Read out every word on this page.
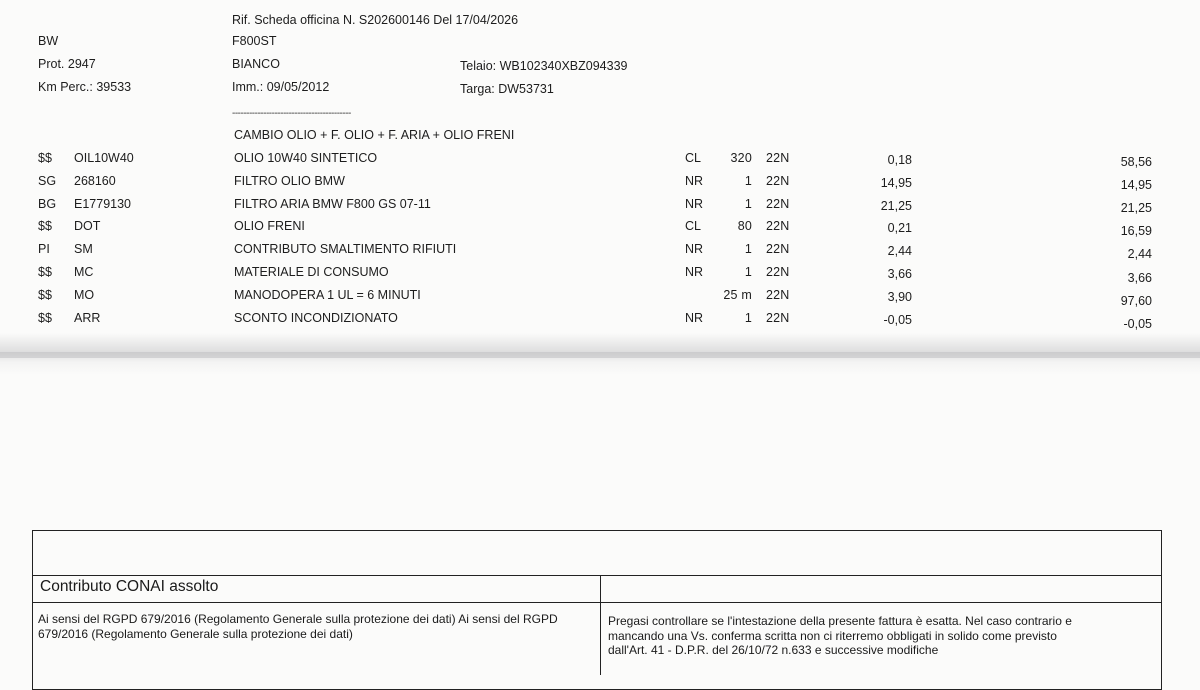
Rif. Scheda officina N. S202600146 Del 17/04/2026
BW	F800ST
Prot. 2947	BIANCO	Telaio: WB102340XBZ094339
Km Perc.: 39533	Imm.: 09/05/2012	Targa: DW53731
------------------------------------------
CAMBIO OLIO + F. OLIO + F. ARIA + OLIO FRENI
$$ OIL10W40	OLIO 10W40 SINTETICO	CL 320 22N	0,18	58,56
SG 268160	FILTRO OLIO BMW	NR	1 22N	14,95	14,95
BG E1779130	FILTRO ARIA BMW F800 GS 07-11	NR	1 22N	21,25	21,25
$$ DOT	OLIO FRENI	CL	80 22N	0,21	16,59
PI SM	CONTRIBUTO SMALTIMENTO RIFIUTI	NR	1 22N	2,44	2,44
$$ MC	MATERIALE DI CONSUMO	NR	1 22N	3,66	3,66
$$ MO	MANODOPERA 1 UL = 6 MINUTI	25 m 22N	3,90	97,60
$$ ARR	SCONTO INCONDIZIONATO	NR	1 22N	-0,05	-0,05
Contributo CONAI assolto
Ai sensi del RGPD 679/2016 (Regolamento Generale sulla protezione dei dati) Ai sensi del RGPD 679/2016 (Regolamento Generale sulla protezione dei dati)
Pregasi controllare se l'intestazione della presente fattura è esatta. Nel caso contrario e mancando una Vs. conferma scritta non ci riterremo obbligati in solido come previsto dall'Art. 41 - D.P.R. del 26/10/72 n.633 e successive modifiche
